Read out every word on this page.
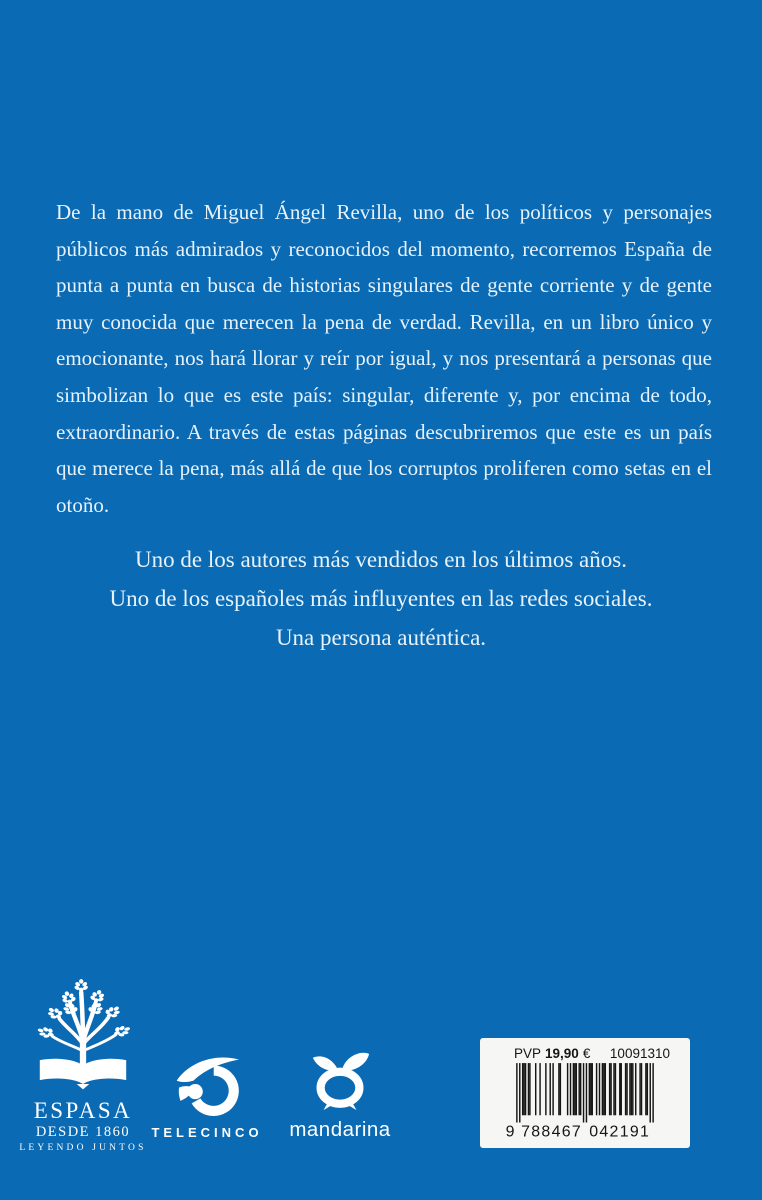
De la mano de Miguel Ángel Revilla, uno de los políticos y personajes públicos más admirados y reconocidos del momento, recorremos España de punta a punta en busca de historias singulares de gente corriente y de gente muy conocida que merecen la pena de verdad. Revilla, en un libro único y emocionante, nos hará llorar y reír por igual, y nos presentará a personas que simbolizan lo que es este país: singular, diferente y, por encima de todo, extraordinario. A través de estas páginas descubriremos que este es un país que merece la pena, más allá de que los corruptos proliferen como setas en el otoño.

Uno de los autores más vendidos en los últimos años.
Uno de los españoles más influyentes en las redes sociales.
Una persona auténtica.
ESPASA
DESDE 1860
LEYENDO JUNTOS
TELECINCO	mandarina
PVP 19,90 € 10091310
9 7 8 8 4 6 7 0 4 2 1 9 1
